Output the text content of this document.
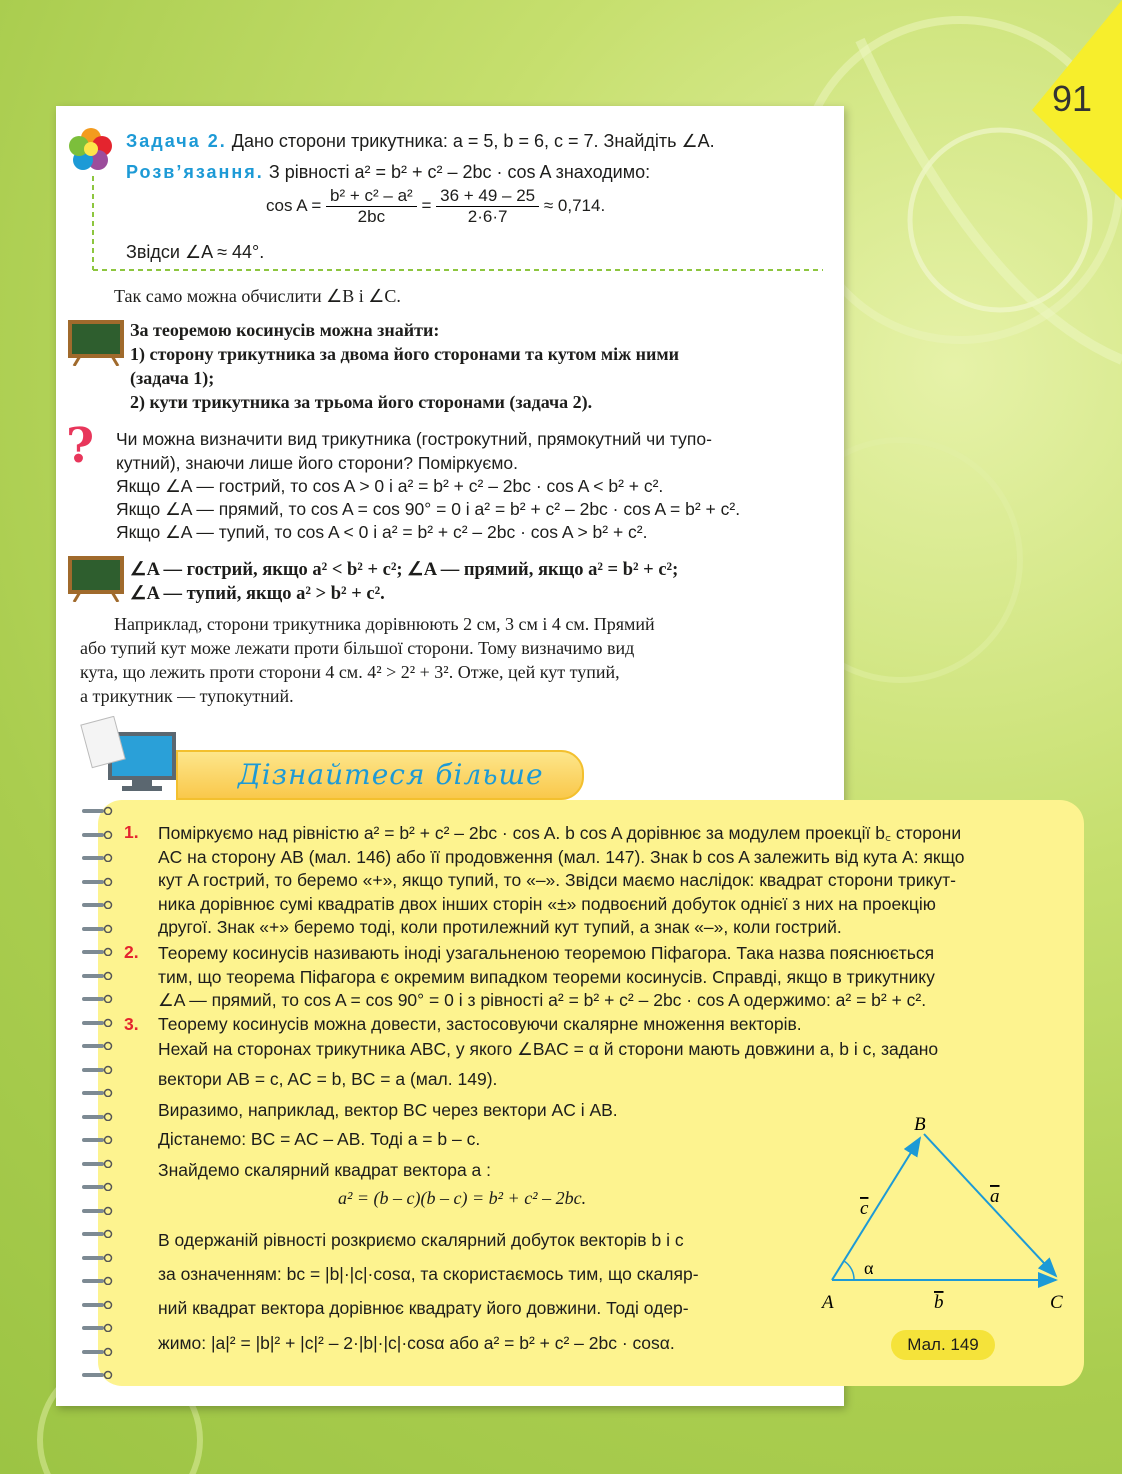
91
Задача 2. Дано сторони трикутника: a = 5, b = 6, c = 7. Знайдіть ∠A.
Розв’язання. З рівності a² = b² + c² – 2bc · cos A знаходимо:
$\cos A = \frac{\text{b² + c² – a²}}{2bc} = \frac{36 + 49 - 25}{2\cdot 6\cdot 7} \approx 0,714$.
Звідси ∠A ≈ 44°.
Так само можна обчислити ∠B і ∠C.
За теоремою косинусів можна знайти:
1) сторону трикутника за двома його сторонами та кутом між ними
(задача 1);
2) кути трикутника за трьома його сторонами (задача 2).
? Чи можна визначити вид трикутника (гострокутний, прямокутний чи тупо-
кутний), знаючи лише його сторони? Поміркуємо.
Якщо ∠A — гострий, то cos A > 0 і a² = b² + c² – 2bc · cos A < b² + c².
Якщо ∠A — прямий, то cos A = cos 90° = 0 і a² = b² + c² – 2bc · cos A = b² + c².
Якщо ∠A — тупий, то cos A < 0 і a² = b² + c² – 2bc · cos A > b² + c².
∠A — гострий, якщо a² < b² + c²; ∠A — прямий, якщо a² = b² + c²;
∠A — тупий, якщо a² > b² + c².
Наприклад, сторони трикутника дорівнюють 2 см, 3 см і 4 см. Прямий
або тупий кут може лежати проти більшої сторони. Тому визначимо вид
кута, що лежить проти сторони 4 см. 4² > 2² + 3². Отже, цей кут тупий,
а трикутник — тупокутний.
Дізнайтеся більше
1. Поміркуємо над рівністю a² = b² + c² – 2bc · cos A. b cos A дорівнює за модулем проекції b꜀ сторони
AC на сторону AB (мал. 146) або її продовження (мал. 147). Знак b cos A залежить від кута A: якщо
кут A гострий, то беремо «+», якщо тупий, то «–». Звідси маємо наслідок: квадрат сторони трикут-
ника дорівнює сумі квадратів двох інших сторін «±» подвоєний добуток однієї з них на проекцію
другої. Знак «+» беремо тоді, коли протилежний кут тупий, а знак «–», коли гострий.
2. Теорему косинусів називають іноді узагальненою теоремою Піфагора. Така назва пояснюється
тим, що теорема Піфагора є окремим випадком теореми косинусів. Справді, якщо в трикутнику
∠A — прямий, то cos A = cos 90° = 0 і з рівності a² = b² + c² – 2bc · cos A одержимо: a² = b² + c².
3. Теорему косинусів можна довести, застосовуючи скалярне множення векторів.
Нехай на сторонах трикутника ABC, у якого ∠BAC = α й сторони мають довжини a, b і c, задано
вектори AB = c, AC = b, BC = a (мал. 149).
Виразимо, наприклад, вектор BC через вектори AC і AB.
Дістанемо: BC = AC – AB. Тоді a = b – c.
Знайдемо скалярний квадрат вектора a :
a² = (b – c)(b – c) = b² + c² – 2bc.
В одержаній рівності розкриємо скалярний добуток векторів b і c
за означенням: bc = |b|·|c|·cosα, та скористаємось тим, що скаляр-
ний квадрат вектора дорівнює квадрату його довжини. Тоді одер-
жимо: |a|² = |b|² + |c|² – 2·|b|·|c|·cosα або a² = b² + c² – 2bc · cosα.
A
B
C
c
a
b
α
Мал. 149
